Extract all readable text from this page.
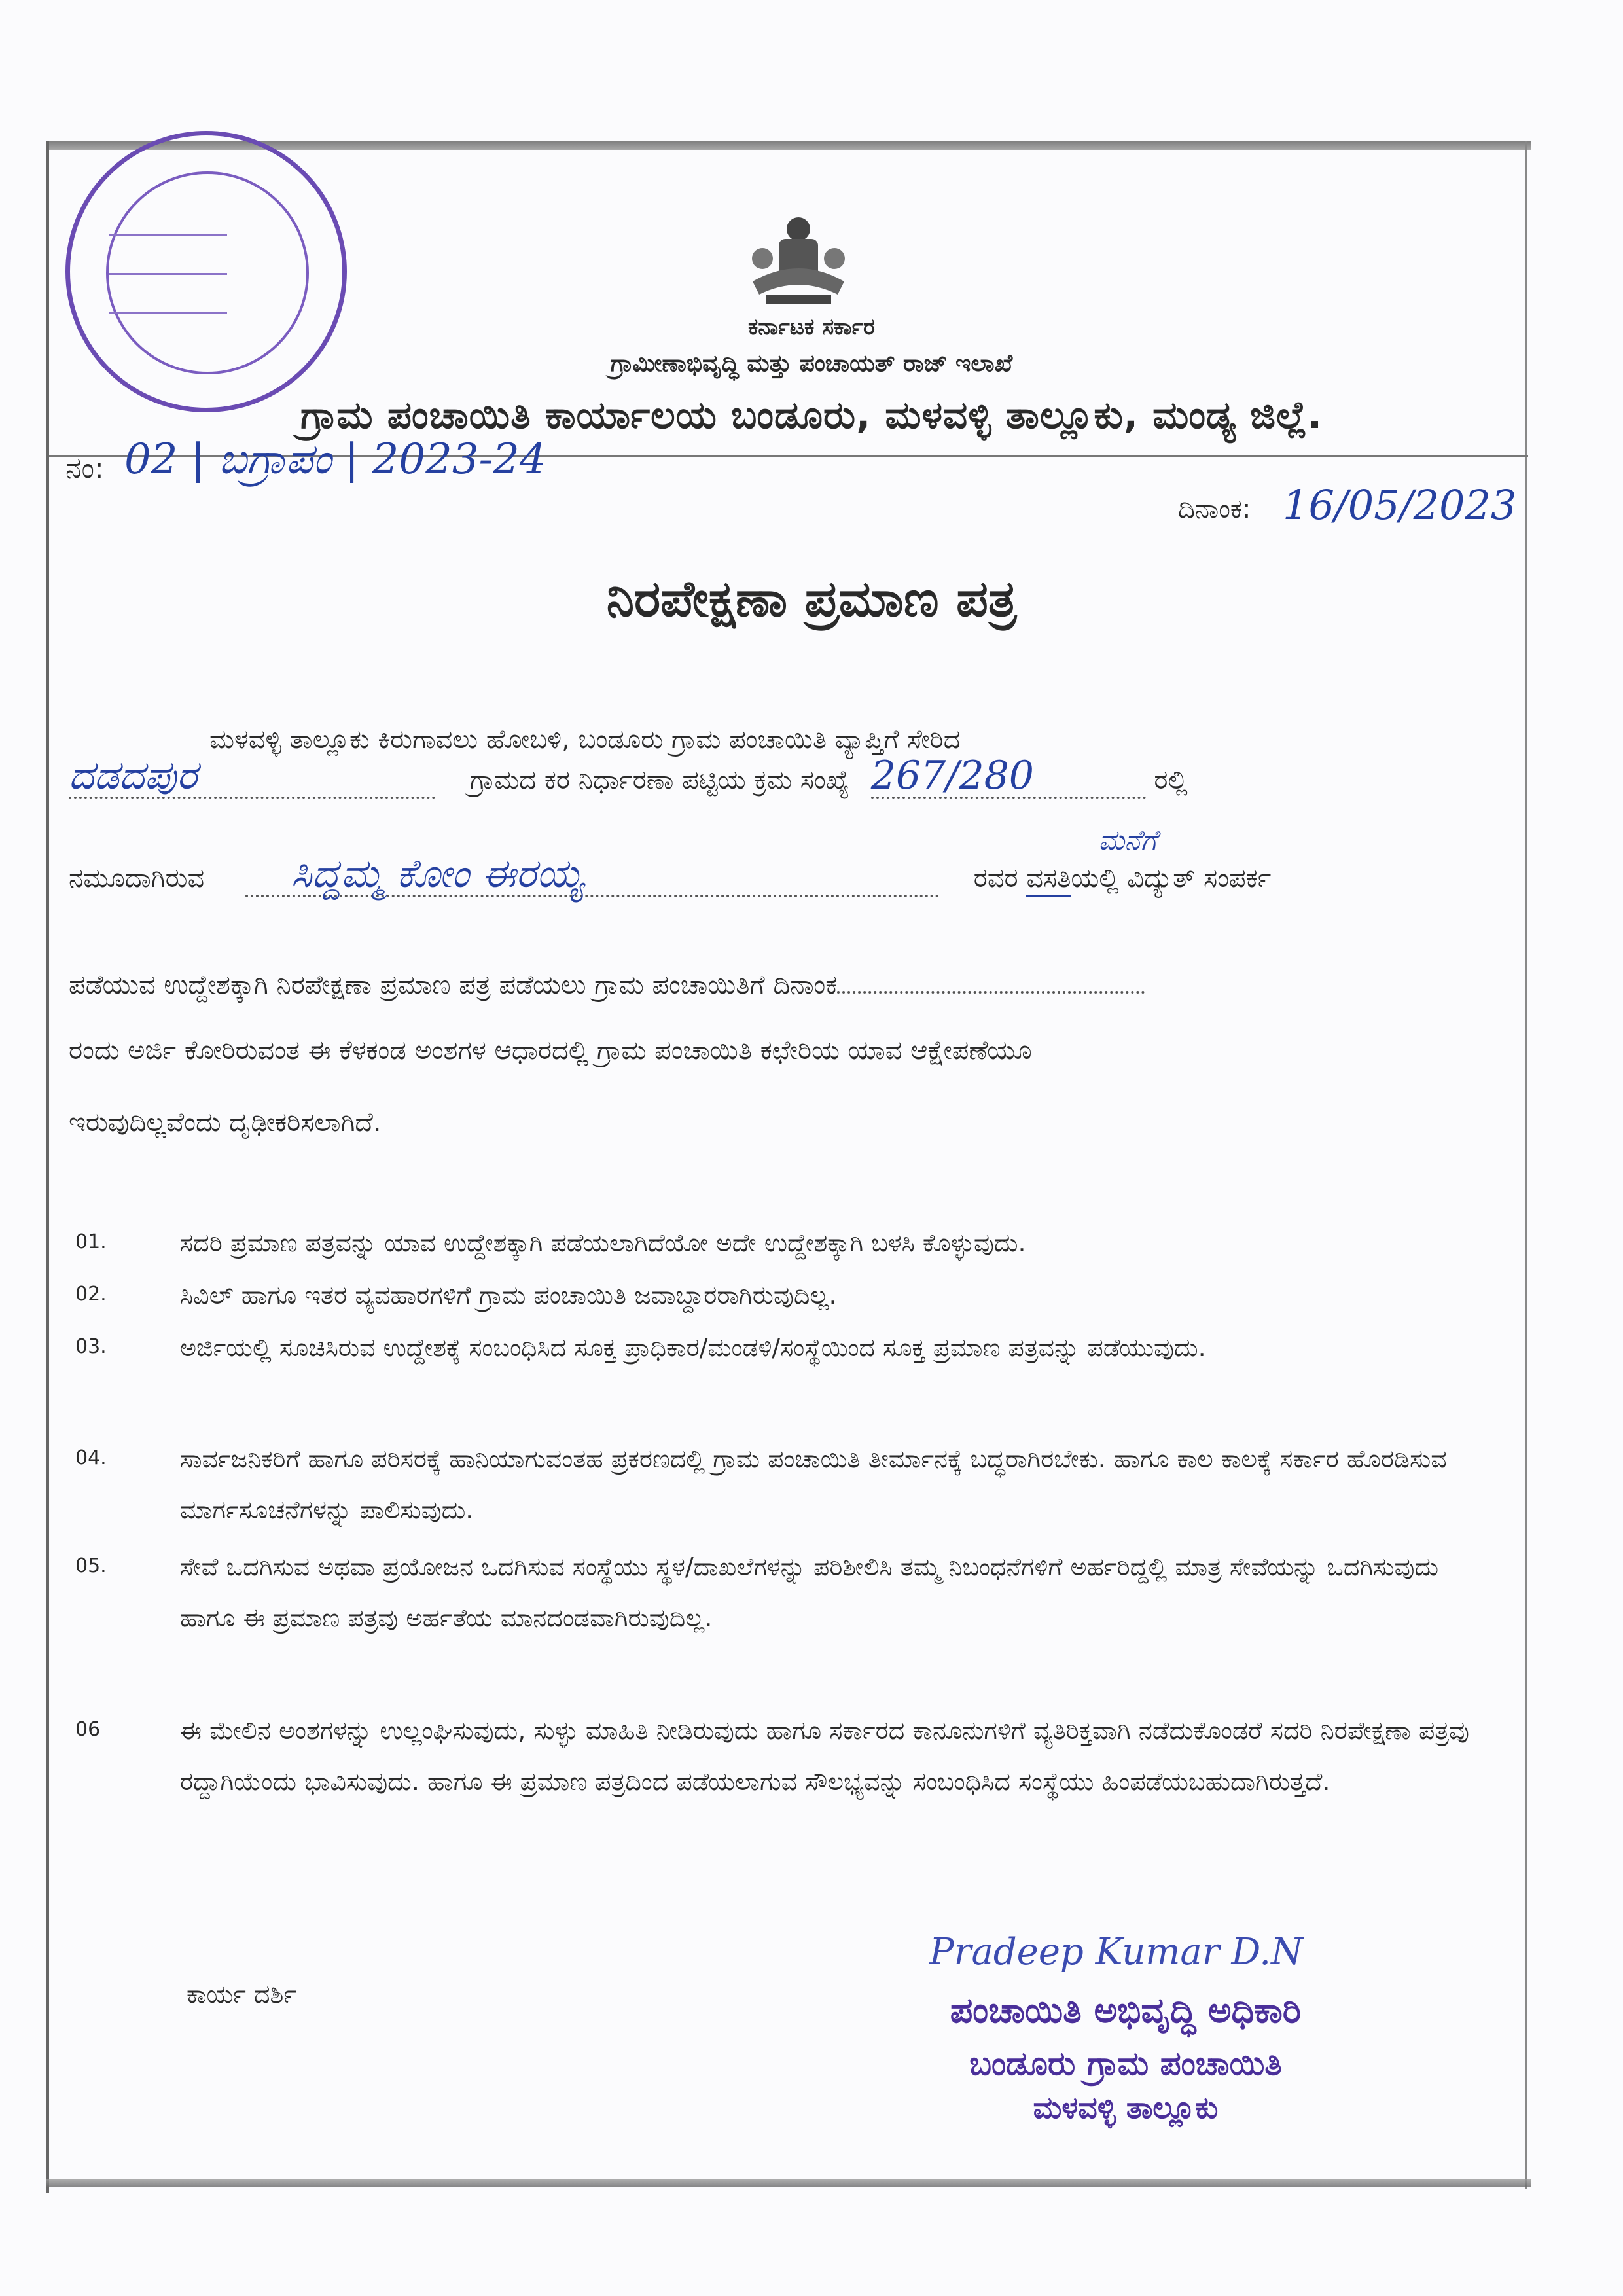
ಕರ್ನಾಟಕ ಸರ್ಕಾರ
ಗ್ರಾಮೀಣಾಭಿವೃದ್ಧಿ ಮತ್ತು ಪಂಚಾಯತ್ ರಾಜ್ ಇಲಾಖೆ
ಗ್ರಾಮ ಪಂಚಾಯಿತಿ ಕಾರ್ಯಾಲಯ ಬಂಡೂರು, ಮಳವಳ್ಳಿ ತಾಲ್ಲೂಕು, ಮಂಡ್ಯ ಜಿಲ್ಲೆ.
ನಂ: 02 | ಬಗ್ರಾಪಂ | 2023-24
ದಿನಾಂಕ: 16/05/2023
ನಿರಪೇಕ್ಷಣಾ ಪ್ರಮಾಣ ಪತ್ರ
ಮಳವಳ್ಳಿ ತಾಲ್ಲೂಕು ಕಿರುಗಾವಲು ಹೋಬಳಿ, ಬಂಡೂರು ಗ್ರಾಮ ಪಂಚಾಯಿತಿ ವ್ಯಾಪ್ತಿಗೆ ಸೇರಿದ
ದಡದಪುರ	ಗ್ರಾಮದ ಕರ ನಿರ್ಧಾರಣಾ ಪಟ್ಟಿಯ ಕ್ರಮ ಸಂಖ್ಯೆ 267/280	ರಲ್ಲಿ
ನಮೂದಾಗಿರುವ ಸಿದ್ದಮ್ಮ ಕೋಂ ಈರಯ್ಯ	ರವರ
ಮನೆಗೆ
ವಸತಿಯಲ್ಲಿ ವಿದ್ಯುತ್ ಸಂಪರ್ಕ
ಪಡೆಯುವ ಉದ್ದೇಶಕ್ಕಾಗಿ ನಿರಪೇಕ್ಷಣಾ ಪ್ರಮಾಣ ಪತ್ರ ಪಡೆಯಲು ಗ್ರಾಮ ಪಂಚಾಯಿತಿಗೆ ದಿನಾಂಕ
ರಂದು ಅರ್ಜಿ ಕೋರಿರುವಂತ ಈ ಕೆಳಕಂಡ ಅಂಶಗಳ ಆಧಾರದಲ್ಲಿ ಗ್ರಾಮ ಪಂಚಾಯಿತಿ ಕಛೇರಿಯ ಯಾವ ಆಕ್ಷೇಪಣೆಯೂ
ಇರುವುದಿಲ್ಲವೆಂದು ದೃಢೀಕರಿಸಲಾಗಿದೆ.
01.	ಸದರಿ ಪ್ರಮಾಣ ಪತ್ರವನ್ನು ಯಾವ ಉದ್ದೇಶಕ್ಕಾಗಿ ಪಡೆಯಲಾಗಿದೆಯೋ ಅದೇ ಉದ್ದೇಶಕ್ಕಾಗಿ ಬಳಸಿ ಕೊಳ್ಳುವುದು.
02.	ಸಿವಿಲ್ ಹಾಗೂ ಇತರ ವ್ಯವಹಾರಗಳಿಗೆ ಗ್ರಾಮ ಪಂಚಾಯಿತಿ ಜವಾಬ್ದಾರರಾಗಿರುವುದಿಲ್ಲ.
03.	ಅರ್ಜಿಯಲ್ಲಿ ಸೂಚಿಸಿರುವ ಉದ್ದೇಶಕ್ಕೆ ಸಂಬಂಧಿಸಿದ ಸೂಕ್ತ ಪ್ರಾಧಿಕಾರ/ಮಂಡಳಿ/ಸಂಸ್ಥೆಯಿಂದ ಸೂಕ್ತ ಪ್ರಮಾಣ ಪತ್ರವನ್ನು ಪಡೆಯುವುದು.
04.	ಸಾರ್ವಜನಿಕರಿಗೆ ಹಾಗೂ ಪರಿಸರಕ್ಕೆ ಹಾನಿಯಾಗುವಂತಹ ಪ್ರಕರಣದಲ್ಲಿ ಗ್ರಾಮ ಪಂಚಾಯಿತಿ ತೀರ್ಮಾನಕ್ಕೆ ಬದ್ಧರಾಗಿರಬೇಕು. ಹಾಗೂ ಕಾಲ ಕಾಲಕ್ಕೆ ಸರ್ಕಾರ ಹೊರಡಿಸುವ ಮಾರ್ಗಸೂಚನೆಗಳನ್ನು ಪಾಲಿಸುವುದು.
05.	ಸೇವೆ ಒದಗಿಸುವ ಅಥವಾ ಪ್ರಯೋಜನ ಒದಗಿಸುವ ಸಂಸ್ಥೆಯು ಸ್ಥಳ/ದಾಖಲೆಗಳನ್ನು ಪರಿಶೀಲಿಸಿ ತಮ್ಮ ನಿಬಂಧನೆಗಳಿಗೆ ಅರ್ಹರಿದ್ದಲ್ಲಿ ಮಾತ್ರ ಸೇವೆಯನ್ನು ಒದಗಿಸುವುದು ಹಾಗೂ ಈ ಪ್ರಮಾಣ ಪತ್ರವು ಅರ್ಹತೆಯ ಮಾನದಂಡವಾಗಿರುವುದಿಲ್ಲ.
06	ಈ ಮೇಲಿನ ಅಂಶಗಳನ್ನು ಉಲ್ಲಂಘಿಸುವುದು, ಸುಳ್ಳು ಮಾಹಿತಿ ನೀಡಿರುವುದು ಹಾಗೂ ಸರ್ಕಾರದ ಕಾನೂನುಗಳಿಗೆ ವ್ಯತಿರಿಕ್ತವಾಗಿ ನಡೆದುಕೊಂಡರೆ ಸದರಿ ನಿರಪೇಕ್ಷಣಾ ಪತ್ರವು ರದ್ದಾಗಿಯೆಂದು ಭಾವಿಸುವುದು. ಹಾಗೂ ಈ ಪ್ರಮಾಣ ಪತ್ರದಿಂದ ಪಡೆಯಲಾಗುವ ಸೌಲಭ್ಯವನ್ನು ಸಂಬಂಧಿಸಿದ ಸಂಸ್ಥೆಯು ಹಿಂಪಡೆಯಬಹುದಾಗಿರುತ್ತದೆ.
ಕಾರ್ಯ ದರ್ಶಿ
Pradeep Kumar D.N
ಪಂಚಾಯಿತಿ ಅಭಿವೃದ್ಧಿ ಅಧಿಕಾರಿ
ಬಂಡೂರು ಗ್ರಾಮ ಪಂಚಾಯಿತಿ
ಮಳವಳ್ಳಿ ತಾಲ್ಲೂಕು
